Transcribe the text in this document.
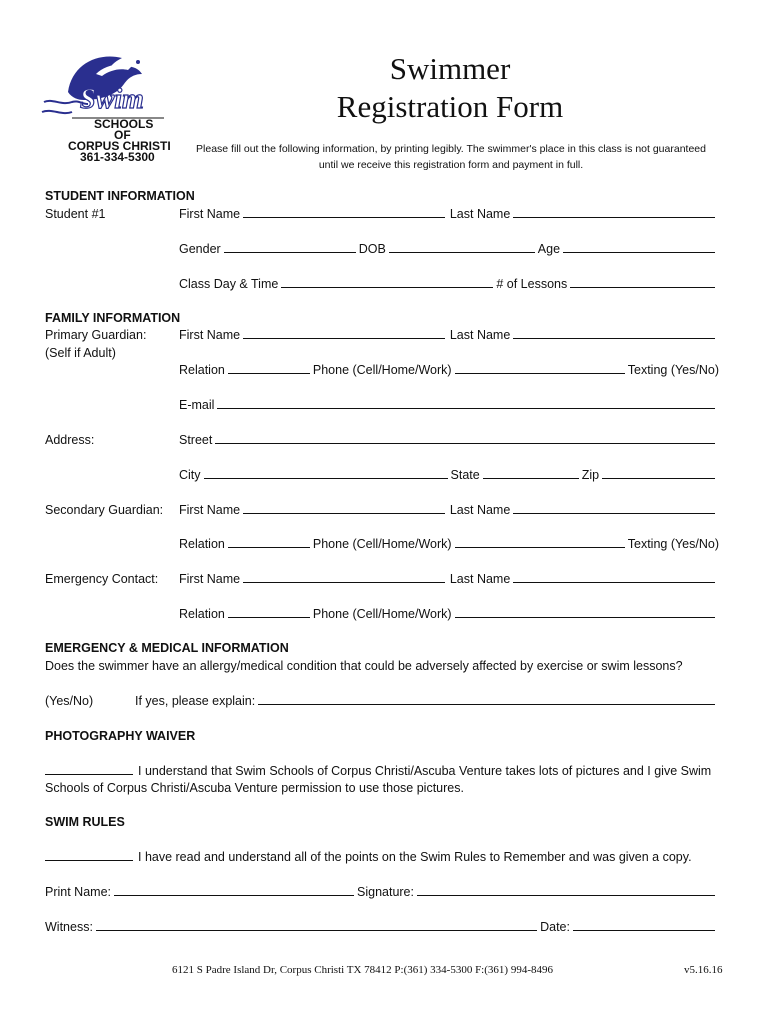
Swim
SCHOOLS
OF
CORPUS CHRISTI
361-334-5300
Swimmer
Registration Form
Please fill out the following information, by printing legibly. The swimmer's place in this class is not guaranteed until we receive this registration form and payment in full.
STUDENT INFORMATION
Student #1	First Name	Last Name
Gender	DOB	Age
Class Day & Time	# of Lessons
FAMILY INFORMATION
Primary Guardian:
(Self if Adult)
First Name	Last Name
Relation	Phone (Cell/Home/Work)	Texting (Yes/No)
E-mail
Address:	Street
City	State	Zip
Secondary Guardian: First Name	Last Name
Relation	Phone (Cell/Home/Work)	Texting (Yes/No)
Emergency Contact: First Name	Last Name
Relation	Phone (Cell/Home/Work)
EMERGENCY & MEDICAL INFORMATION
Does the swimmer have an allergy/medical condition that could be adversely affected by exercise or swim lessons?
(Yes/No)	If yes, please explain:
PHOTOGRAPHY WAIVER
I understand that Swim Schools of Corpus Christi/Ascuba Venture takes lots of pictures and I give Swim
Schools of Corpus Christi/Ascuba Venture permission to use those pictures.
SWIM RULES
I have read and understand all of the points on the Swim Rules to Remember and was given a copy.
Print Name:	Signature:
Witness:	Date:
6121 S Padre Island Dr, Corpus Christi TX 78412 P:(361) 334-5300 F:(361) 994-8496	v5.16.16
